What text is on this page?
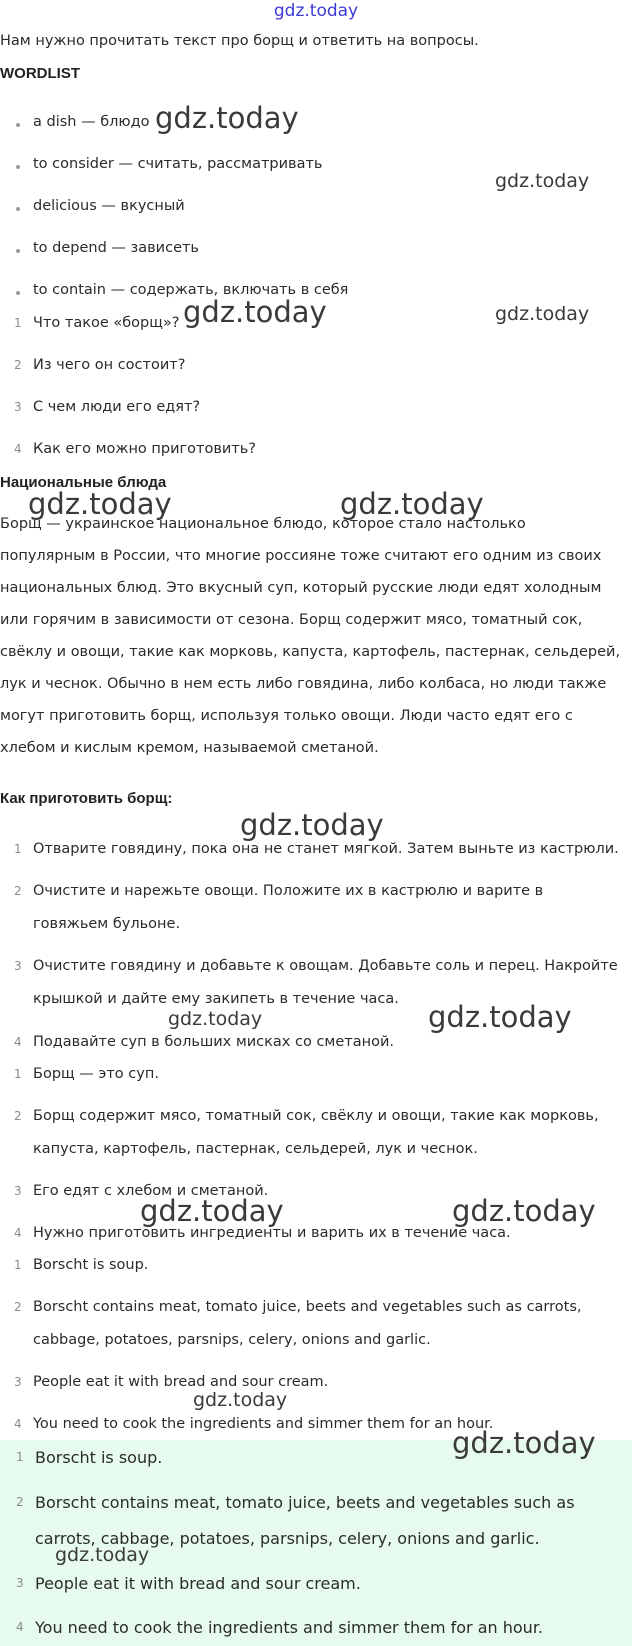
gdz.today
Нам нужно прочитать текст про борщ и ответить на вопросы.
WORDLIST
a dish — блюдо
to consider — считать, рассматривать
delicious — вкусный
to depend — зависеть
to contain — содержать, включать в себя
1 Что такое «борщ»?
2 Из чего он состоит?
3 С чем люди его едят?
4 Как его можно приготовить?
Национальные блюда
Борщ — украинское национальное блюдо, которое стало настолько
популярным в России, что многие россияне тоже считают его одним из своих
национальных блюд. Это вкусный суп, который русские люди едят холодным
или горячим в зависимости от сезона. Борщ содержит мясо, томатный сок,
свёклу и овощи, такие как морковь, капуста, картофель, пастернак, сельдерей,
лук и чеснок. Обычно в нем есть либо говядина, либо колбаса, но люди также
могут приготовить борщ, используя только овощи. Люди часто едят его с
хлебом и кислым кремом, называемой сметаной.
Как приготовить борщ:
1 Отварите говядину, пока она не станет мягкой. Затем выньте из кастрюли.
2 Очистите и нарежьте овощи. Положите их в кастрюлю и варите в
говяжьем бульоне.
3 Очистите говядину и добавьте к овощам. Добавьте соль и перец. Накройте
крышкой и дайте ему закипеть в течение часа.
4 Подавайте суп в больших мисках со сметаной.
1 Борщ — это суп.
2 Борщ содержит мясо, томатный сок, свёклу и овощи, такие как морковь,
капуста, картофель, пастернак, сельдерей, лук и чеснок.
3 Его едят с хлебом и сметаной.
4 Нужно приготовить ингредиенты и варить их в течение часа.
1 Borscht is soup.
2 Borscht contains meat, tomato juice, beets and vegetables such as carrots,
cabbage, potatoes, parsnips, celery, onions and garlic.
3 People eat it with bread and sour cream.
4 You need to cook the ingredients and simmer them for an hour.
1 Borscht is soup.
2 Borscht contains meat, tomato juice, beets and vegetables such as
carrots, cabbage, potatoes, parsnips, celery, onions and garlic.
3 People eat it with bread and sour cream.
4 You need to cook the ingredients and simmer them for an hour.
gdz.today
gdz.today
gdz.today	gdz.today
gdz.today	gdz.today
gdz.today
gdz.today	gdz.today
gdz.today	gdz.today
gdz.today
gdz.today
gdz.today
